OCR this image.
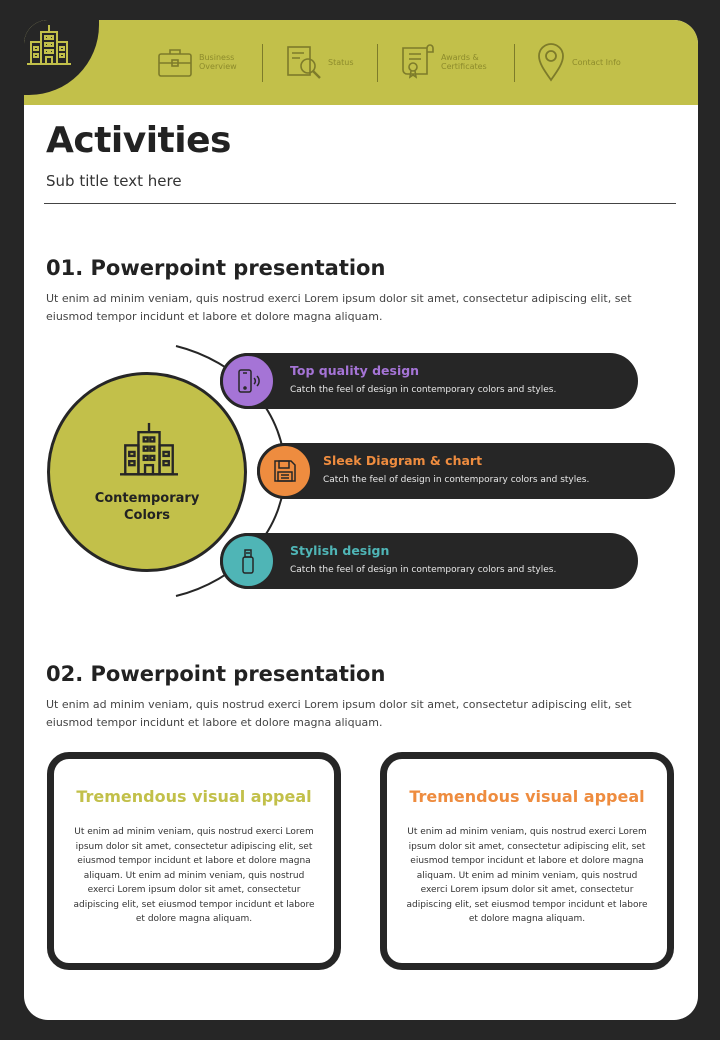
Business
Overview	Status	Awards &
Certificates	Contact Info
Activities
Sub title text here
01. Powerpoint presentation
Ut enim ad minim veniam, quis nostrud exerci Lorem ipsum dolor sit amet, consectetur adipiscing elit, set eiusmod tempor incidunt et labore et dolore magna aliquam.
Contemporary
Colors
Top quality design
Catch the feel of design in contemporary colors and styles.
Sleek Diagram & chart
Catch the feel of design in contemporary colors and styles.
Stylish design
Catch the feel of design in contemporary colors and styles.
02. Powerpoint presentation
Ut enim ad minim veniam, quis nostrud exerci Lorem ipsum dolor sit amet, consectetur adipiscing elit, set eiusmod tempor incidunt et labore et dolore magna aliquam.
Tremendous visual appeal
Ut enim ad minim veniam, quis nostrud exerci Lorem ipsum dolor sit amet, consectetur adipiscing elit, set eiusmod tempor incidunt et labore et dolore magna aliquam. Ut enim ad minim veniam, quis nostrud exerci Lorem ipsum dolor sit amet, consectetur adipiscing elit, set eiusmod tempor incidunt et labore et dolore magna aliquam.
Tremendous visual appeal
Ut enim ad minim veniam, quis nostrud exerci Lorem ipsum dolor sit amet, consectetur adipiscing elit, set eiusmod tempor incidunt et labore et dolore magna aliquam. Ut enim ad minim veniam, quis nostrud exerci Lorem ipsum dolor sit amet, consectetur adipiscing elit, set eiusmod tempor incidunt et labore et dolore magna aliquam.
